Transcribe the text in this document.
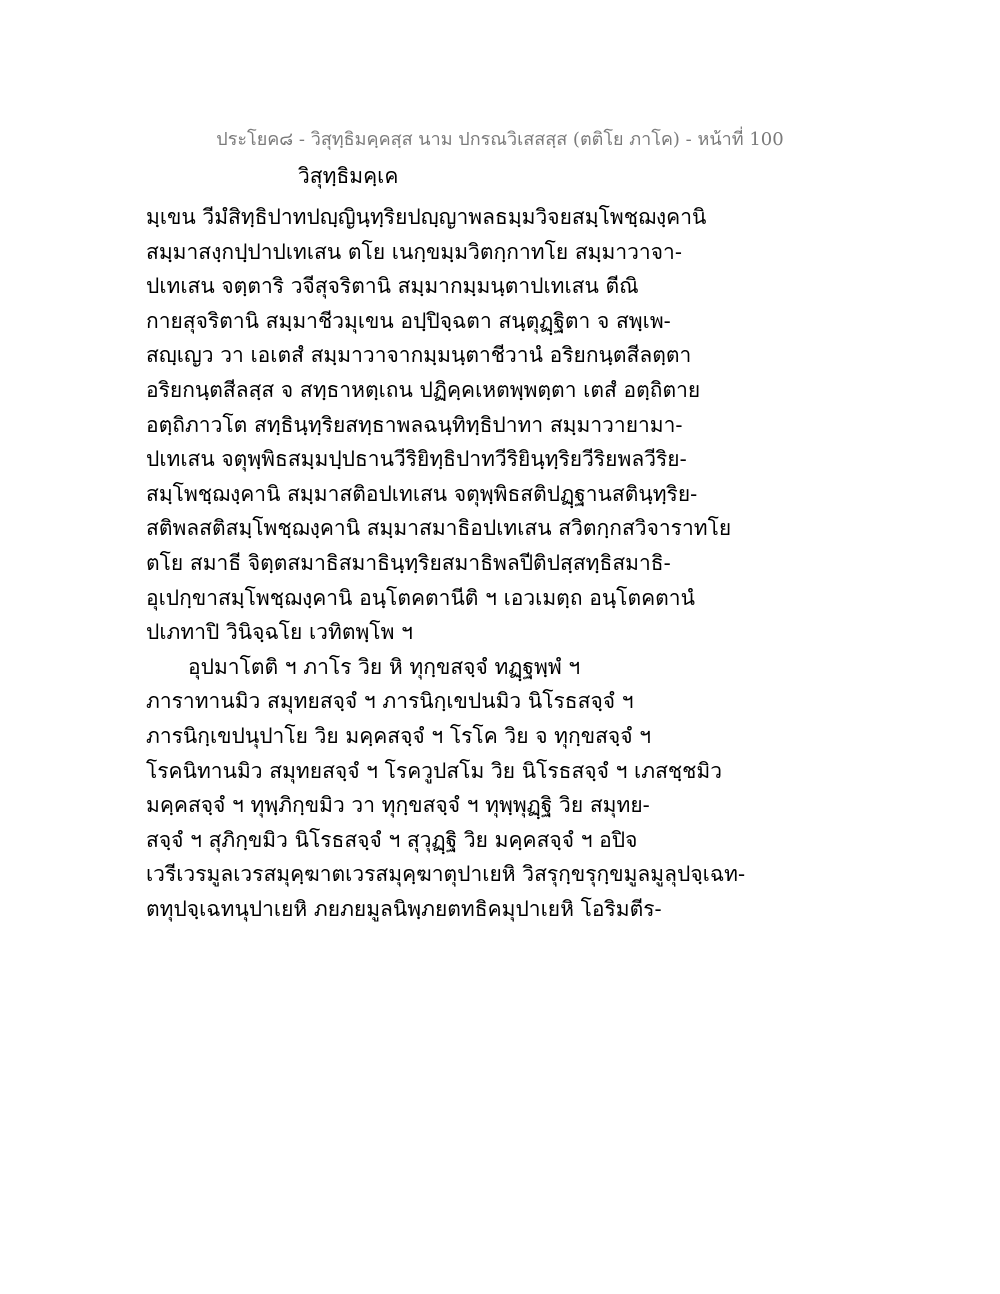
ประโยค๘ - วิสุทฺธิมคฺคสฺส นาม ปกรณวิเสสสฺส (ตติโย ภาโค) - หน้าที่ 100
วิสุทฺธิมคฺเค
มฺเขน วีมํสิทฺธิปาทปญฺญินฺทฺริยปญฺญาพลธมฺมวิจยสมฺโพชฺฌงฺคานิ
สมฺมาสงฺกปฺปาปเทเสน ตโย เนกฺขมฺมวิตกฺกาทโย สมฺมาวาจา-
ปเทเสน จตฺตาริ วจีสุจริตานิ สมฺมากมฺมนฺตาปเทเสน ตีณิ
กายสุจริตานิ สมฺมาชีวมุเขน อปฺปิจฺฉตา สนฺตุฏฺฐิตา จ สพฺเพ-
สญฺเญว วา เอเตสํ สมฺมาวาจากมฺมนฺตาชีวานํ อริยกนฺตสีลตฺตา
อริยกนฺตสีลสฺส จ สทฺธาหตฺเถน ปฏิคฺคเหตพฺพตฺตา เตสํ อตฺถิตาย
อตฺถิภาวโต สทฺธินฺทฺริยสทฺธาพลฉนฺทิทฺธิปาทา สมฺมาวายามา-
ปเทเสน จตุพฺพิธสมฺมปฺปธานวีริยิทฺธิปาทวีริยินฺทฺริยวีริยพลวีริย-
สมฺโพชฺฌงฺคานิ สมฺมาสติอปเทเสน จตุพฺพิธสติปฏฺฐานสตินฺทฺริย-
สติพลสติสมฺโพชฺฌงฺคานิ สมฺมาสมาธิอปเทเสน สวิตกฺกสวิจาราทโย
ตโย สมาธี จิตฺตสมาธิสมาธินฺทฺริยสมาธิพลปีติปสฺสทฺธิสมาธิ-
อุเปกฺขาสมฺโพชฺฌงฺคานิ อนฺโตคตานีติ ฯ เอวเมตฺถ อนฺโตคตานํ
ปเภทาปิ วินิจฺฉโย เวทิตพฺโพ ฯ
อุปมาโตติ ฯ ภาโร วิย หิ ทุกฺขสจฺจํ ทฏฺฐพฺพํ ฯ
ภาราทานมิว สมุทยสจฺจํ ฯ ภารนิกฺเขปนมิว นิโรธสจฺจํ ฯ
ภารนิกฺเขปนุปาโย วิย มคฺคสจฺจํ ฯ โรโค วิย จ ทุกฺขสจฺจํ ฯ
โรคนิทานมิว สมุทยสจฺจํ ฯ โรควูปสโม วิย นิโรธสจฺจํ ฯ เภสชฺชมิว
มคฺคสจฺจํ ฯ ทุพฺภิกฺขมิว วา ทุกฺขสจฺจํ ฯ ทุพฺพุฏฺฐิ วิย สมุทย-
สจฺจํ ฯ สุภิกฺขมิว นิโรธสจฺจํ ฯ สุวุฏฺฐิ วิย มคฺคสจฺจํ ฯ อปิจ
เวรีเวรมูลเวรสมุคฺฆาตเวรสมุคฺฆาตุปาเยหิ วิสรุกฺขรุกฺขมูลมูลุปจฺเฉท-
ตทุปจฺเฉทนุปาเยหิ ภยภยมูลนิพฺภยตทธิคมุปาเยหิ โอริมตีร-
